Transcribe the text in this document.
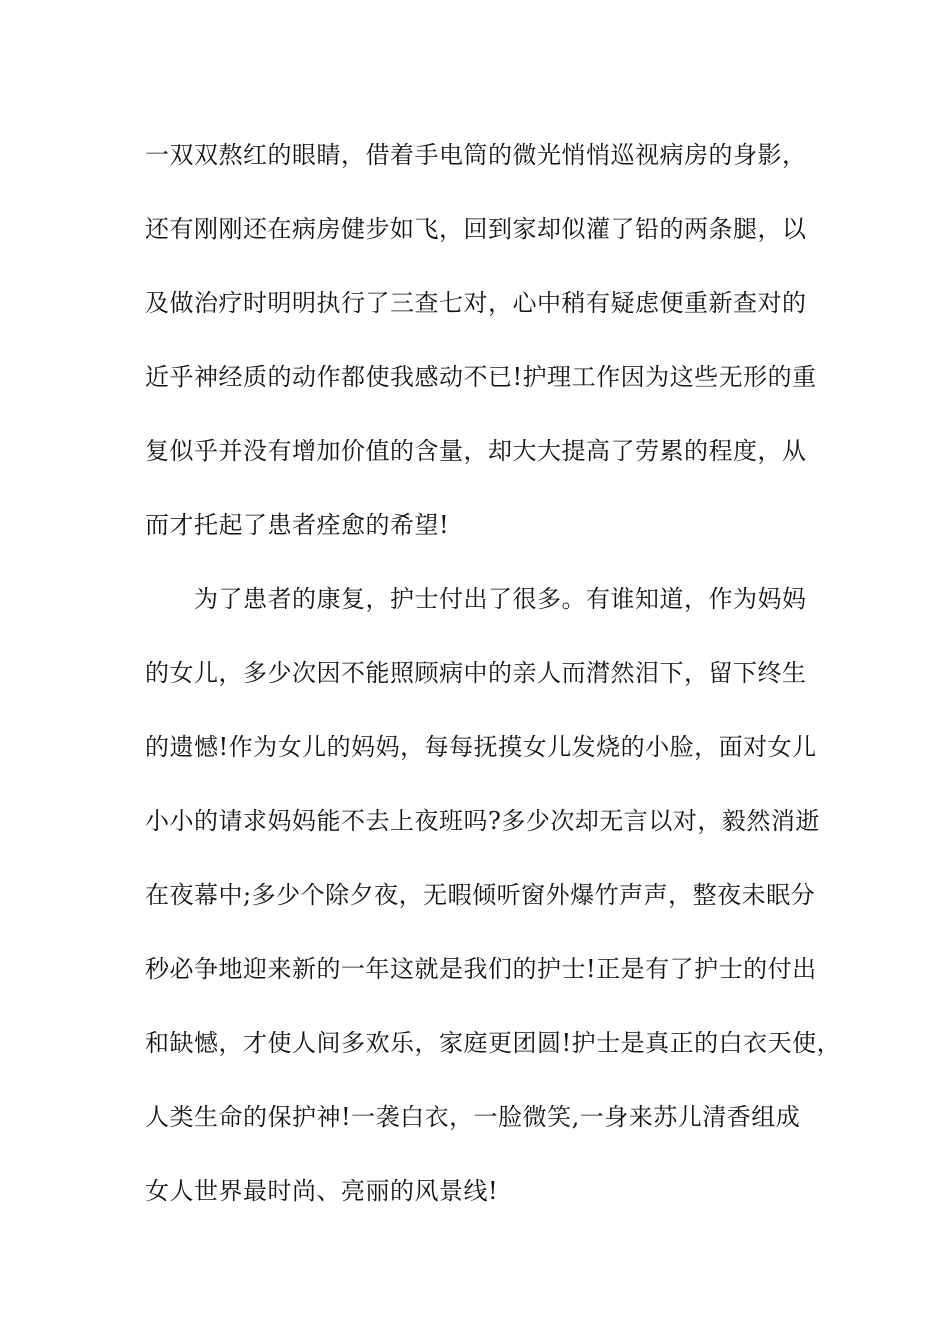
一双双熬红的眼睛，借着手电筒的微光悄悄巡视病房的身影，
还有刚刚还在病房健步如飞，回到家却似灌了铅的两条腿，以
及做治疗时明明执行了三查七对，心中稍有疑虑便重新查对的
近乎神经质的动作都使我感动不已!护理工作因为这些无形的重
复似乎并没有增加价值的含量，却大大提高了劳累的程度，从
而才托起了患者痊愈的希望!
　　为了患者的康复，护士付出了很多。有谁知道，作为妈妈
的女儿，多少次因不能照顾病中的亲人而潸然泪下，留下终生
的遗憾!作为女儿的妈妈，每每抚摸女儿发烧的小脸，面对女儿
小小的请求妈妈能不去上夜班吗?多少次却无言以对，毅然消逝
在夜幕中;多少个除夕夜，无暇倾听窗外爆竹声声，整夜未眠分
秒必争地迎来新的一年这就是我们的护士!正是有了护士的付出
和缺憾，才使人间多欢乐，家庭更团圆!护士是真正的白衣天使，
人类生命的保护神!一袭白衣，一脸微笑,一身来苏儿清香组成
女人世界最时尚、亮丽的风景线!
